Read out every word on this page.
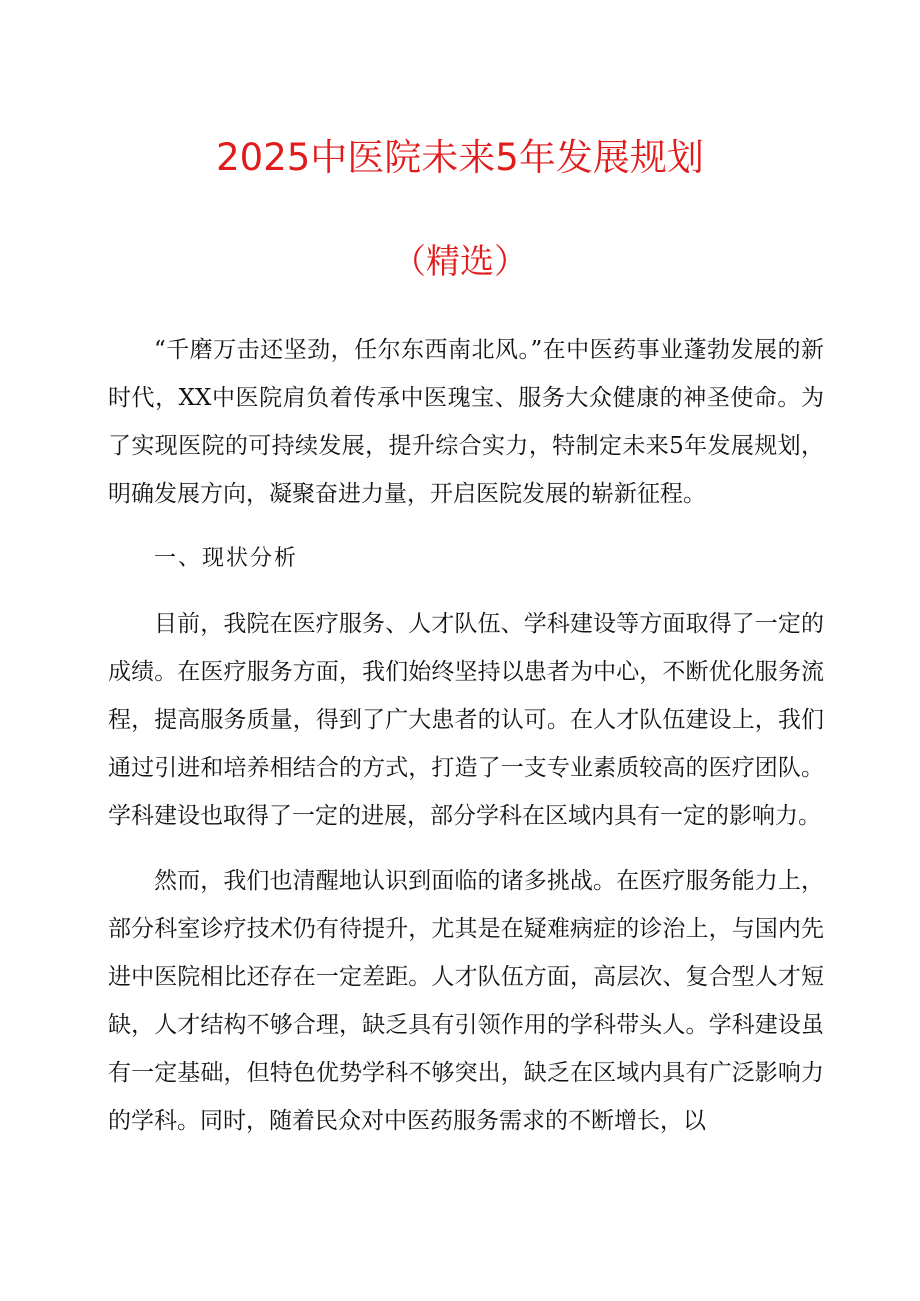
2025中医院未来5年发展规划
（精选）

“千磨万击还坚劲，任尔东西南北风。”在中医药事业蓬勃发展的新时代，XX中医院肩负着传承中医瑰宝、服务大众健康的神圣使命。为了实现医院的可持续发展，提升综合实力，特制定未来5年发展规划，明确发展方向，凝聚奋进力量，开启医院发展的崭新征程。

一、现状分析

目前，我院在医疗服务、人才队伍、学科建设等方面取得了一定的成绩。在医疗服务方面，我们始终坚持以患者为中心，不断优化服务流程，提高服务质量，得到了广大患者的认可。在人才队伍建设上，我们通过引进和培养相结合的方式，打造了一支专业素质较高的医疗团队。学科建设也取得了一定的进展，部分学科在区域内具有一定的影响力。

然而，我们也清醒地认识到面临的诸多挑战。在医疗服务能力上，部分科室诊疗技术仍有待提升，尤其是在疑难病症的诊治上，与国内先进中医院相比还存在一定差距。人才队伍方面，高层次、复合型人才短缺，人才结构不够合理，缺乏具有引领作用的学科带头人。学科建设虽有一定基础，但特色优势学科不够突出，缺乏在区域内具有广泛影响力的学科。同时，随着民众对中医药服务需求的不断增长，以
